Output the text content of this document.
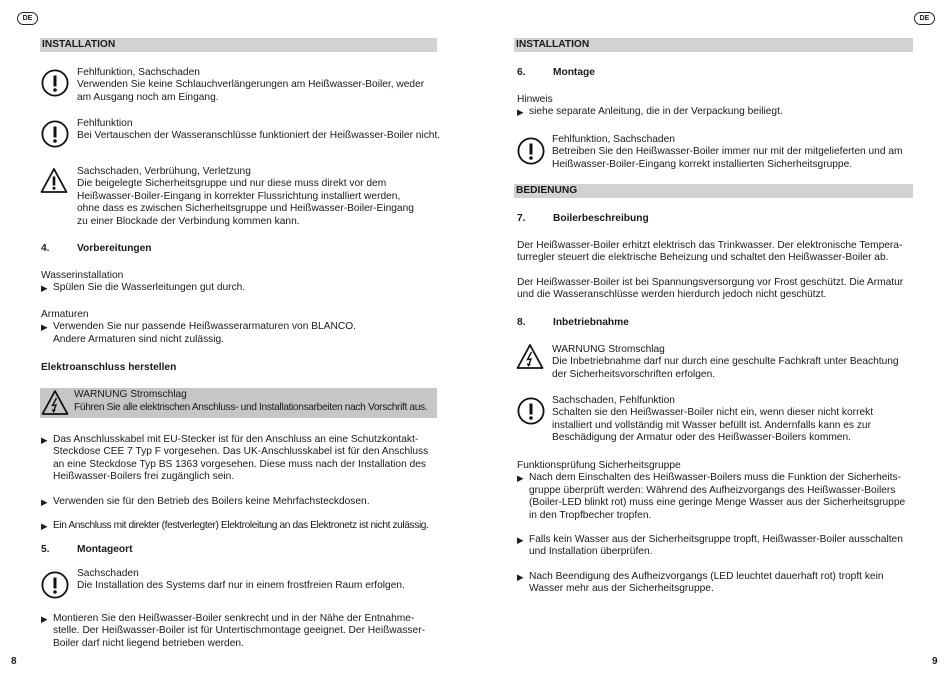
DE
INSTALLATION
Fehlfunktion, Sachschaden
Verwenden Sie keine Schlauchverlängerungen am Heißwasser-Boiler, weder
am Ausgang noch am Eingang.
Fehlfunktion
Bei Vertauschen der Wasseranschlüsse funktioniert der Heißwasser-Boiler nicht.
Sachschaden, Verbrühung, Verletzung
Die beigelegte Sicherheitsgruppe und nur diese muss direkt vor dem
Heißwasser-Boiler-Eingang in korrekter Flussrichtung installiert werden,
ohne dass es zwischen Sicherheitsgruppe und Heißwasser-Boiler-Eingang
zu einer Blockade der Verbindung kommen kann.
4.	Vorbereitungen
Wasserinstallation
▶ Spülen Sie die Wasserleitungen gut durch.
Armaturen
▶ Verwenden Sie nur passende Heißwasserarmaturen von BLANCO.
Andere Armaturen sind nicht zulässig.
Elektroanschluss herstellen
WARNUNG Stromschlag
Führen Sie alle elektrischen Anschluss- und Installationsarbeiten nach Vorschrift aus.
▶ Das Anschlusskabel mit EU-Stecker ist für den Anschluss an eine Schutzkontakt-
Steckdose CEE 7 Typ F vorgesehen. Das UK-Anschlusskabel ist für den Anschluss
an eine Steckdose Typ BS 1363 vorgesehen. Diese muss nach der Installation des
Heißwasser-Boilers frei zugänglich sein.
▶ Verwenden sie für den Betrieb des Boilers keine Mehrfachsteckdosen.
▶ Ein Anschluss mit direkter (festverlegter) Elektroleitung an das Elektronetz ist nicht zulässig.
5.	Montageort
Sachschaden
Die Installation des Systems darf nur in einem frostfreien Raum erfolgen.
▶ Montieren Sie den Heißwasser-Boiler senkrecht und in der Nähe der Entnahme-
stelle. Der Heißwasser-Boiler ist für Untertischmontage geeignet. Der Heißwasser-
Boiler darf nicht liegend betrieben werden.
8
DE
INSTALLATION
6.	Montage
Hinweis
▶ siehe separate Anleitung, die in der Verpackung beiliegt.
Fehlfunktion, Sachschaden
Betreiben Sie den Heißwasser-Boiler immer nur mit der mitgelieferten und am
Heißwasser-Boiler-Eingang korrekt installierten Sicherheitsgruppe.
BEDIENUNG
7.	Boilerbeschreibung
Der Heißwasser-Boiler erhitzt elektrisch das Trinkwasser. Der elektronische Tempera-
turregler steuert die elektrische Beheizung und schaltet den Heißwasser-Boiler ab.
Der Heißwasser-Boiler ist bei Spannungsversorgung vor Frost geschützt. Die Armatur
und die Wasseranschlüsse werden hierdurch jedoch nicht geschützt.
8.	Inbetriebnahme
WARNUNG Stromschlag
Die Inbetriebnahme darf nur durch eine geschulte Fachkraft unter Beachtung
der Sicherheitsvorschriften erfolgen.
Sachschaden, Fehlfunktion
Schalten sie den Heißwasser-Boiler nicht ein, wenn dieser nicht korrekt
installiert und vollständig mit Wasser befüllt ist. Andernfalls kann es zur
Beschädigung der Armatur oder des Heißwasser-Boilers kommen.
Funktionsprüfung Sicherheitsgruppe
▶ Nach dem Einschalten des Heißwasser-Boilers muss die Funktion der Sicherheits-
gruppe überprüft werden: Während des Aufheizvorgangs des Heißwasser-Boilers
(Boiler-LED blinkt rot) muss eine geringe Menge Wasser aus der Sicherheitsgruppe
in den Tropfbecher tropfen.
▶ Falls kein Wasser aus der Sicherheitsgruppe tropft, Heißwasser-Boiler ausschalten
und Installation überprüfen.
▶ Nach Beendigung des Aufheizvorgangs (LED leuchtet dauerhaft rot) tropft kein
Wasser mehr aus der Sicherheitsgruppe.
9
